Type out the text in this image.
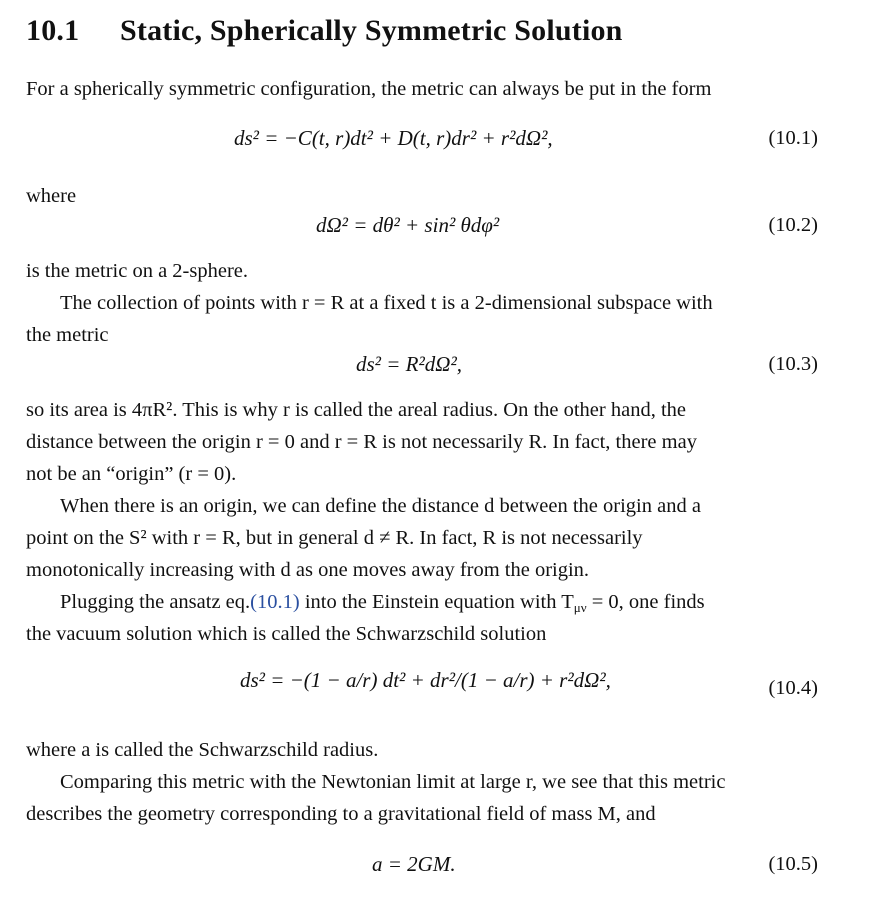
10.1 Static, Spherically Symmetric Solution
For a spherically symmetric configuration, the metric can always be put in the form
ds² = −C(t, r)dt² + D(t, r)dr² + r²dΩ²,	(10.1)
where
dΩ² = dθ² + sin² θdφ²	(10.2)
is the metric on a 2-sphere.
The collection of points with r = R at a fixed t is a 2-dimensional subspace with
the metric
ds² = R²dΩ²,	(10.3)
so its area is 4πR². This is why r is called the areal radius. On the other hand, the
distance between the origin r = 0 and r = R is not necessarily R. In fact, there may
not be an “origin” (r = 0).
When there is an origin, we can define the distance d between the origin and a
point on the S² with r = R, but in general d ≠ R. In fact, R is not necessarily
monotonically increasing with d as one moves away from the origin.
Plugging the ansatz eq.(10.1) into the Einstein equation with $T_{\mu\nu} = 0$, one finds
the vacuum solution which is called the Schwarzschild solution
ds² = −(1 − a/r) dt² + dr²/(1 − a/r) + r²dΩ²,	(10.4)
where a is called the Schwarzschild radius.
Comparing this metric with the Newtonian limit at large r, we see that this metric
describes the geometry corresponding to a gravitational field of mass M, and
a = 2GM.	(10.5)
